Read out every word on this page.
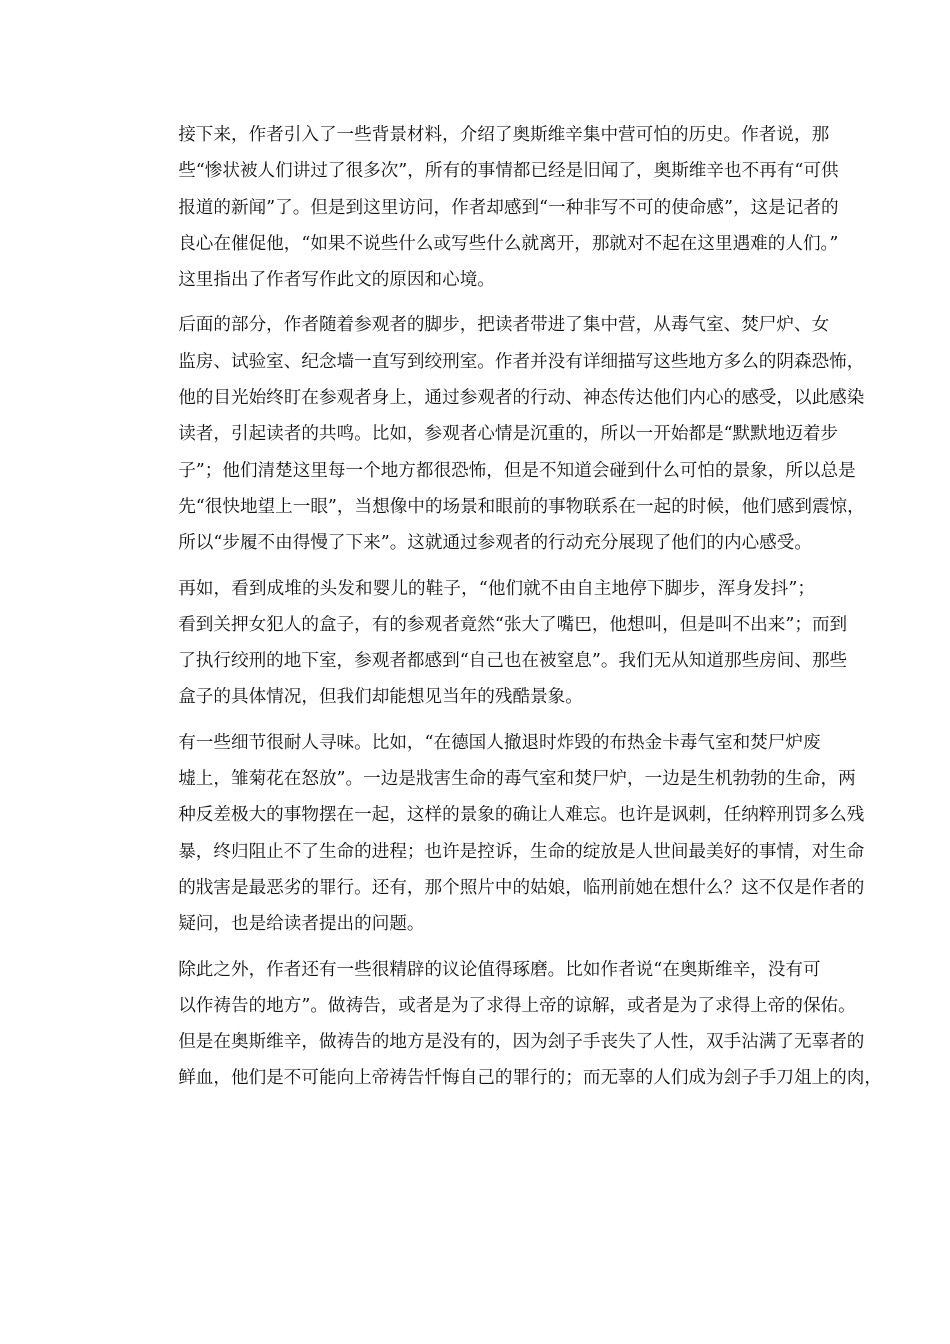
接下来，作者引入了一些背景材料，介绍了奥斯维辛集中营可怕的历史。作者说，那
些“惨状被人们讲过了很多次”，所有的事情都已经是旧闻了，奥斯维辛也不再有“可供
报道的新闻”了。但是到这里访问，作者却感到“一种非写不可的使命感”，这是记者的
良心在催促他，“如果不说些什么或写些什么就离开，那就对不起在这里遇难的人们。”
这里指出了作者写作此文的原因和心境。

后面的部分，作者随着参观者的脚步，把读者带进了集中营，从毒气室、焚尸炉、女
监房、试验室、纪念墙一直写到绞刑室。作者并没有详细描写这些地方多么的阴森恐怖，
他的目光始终盯在参观者身上，通过参观者的行动、神态传达他们内心的感受，以此感染
读者，引起读者的共鸣。比如，参观者心情是沉重的，所以一开始都是“默默地迈着步
子”；他们清楚这里每一个地方都很恐怖，但是不知道会碰到什么可怕的景象，所以总是
先“很快地望上一眼”，当想像中的场景和眼前的事物联系在一起的时候，他们感到震惊，
所以“步履不由得慢了下来”。这就通过参观者的行动充分展现了他们的内心感受。

再如，看到成堆的头发和婴儿的鞋子，“他们就不由自主地停下脚步，浑身发抖”；
看到关押女犯人的盒子，有的参观者竟然“张大了嘴巴，他想叫，但是叫不出来”；而到
了执行绞刑的地下室，参观者都感到“自己也在被窒息”。我们无从知道那些房间、那些
盒子的具体情况，但我们却能想见当年的残酷景象。

有一些细节很耐人寻味。比如，“在德国人撤退时炸毁的布热金卡毒气室和焚尸炉废
墟上，雏菊花在怒放”。一边是戕害生命的毒气室和焚尸炉，一边是生机勃勃的生命，两
种反差极大的事物摆在一起，这样的景象的确让人难忘。也许是讽刺，任纳粹刑罚多么残
暴，终归阻止不了生命的进程；也许是控诉，生命的绽放是人世间最美好的事情，对生命
的戕害是最恶劣的罪行。还有，那个照片中的姑娘，临刑前她在想什么？这不仅是作者的
疑问，也是给读者提出的问题。

除此之外，作者还有一些很精辟的议论值得琢磨。比如作者说“在奥斯维辛，没有可
以作祷告的地方”。做祷告，或者是为了求得上帝的谅解，或者是为了求得上帝的保佑。
但是在奥斯维辛，做祷告的地方是没有的，因为刽子手丧失了人性，双手沾满了无辜者的
鲜血，他们是不可能向上帝祷告忏悔自己的罪行的；而无辜的人们成为刽子手刀俎上的肉，
